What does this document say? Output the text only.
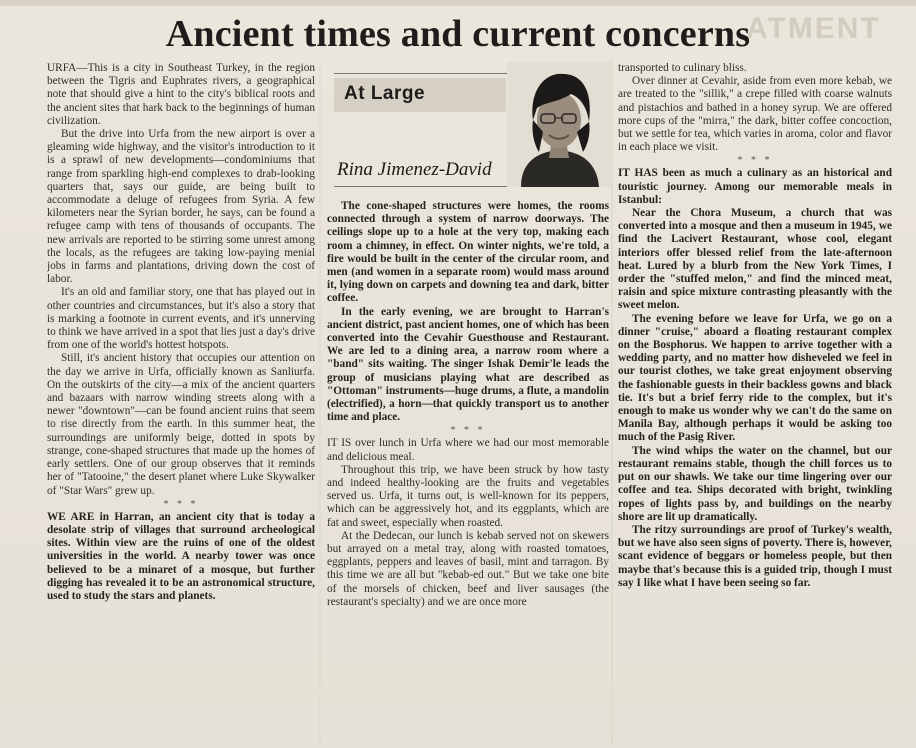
ATMENT
Ancient times and current concerns

URFA—This is a city in Southeast Turkey, in the region between the Tigris and Euphrates rivers, a geographical note that should give a hint to the city's biblical roots and the ancient sites that hark back to the beginnings of human civilization.

But the drive into Urfa from the new airport is over a gleaming wide highway, and the visitor's introduction to it is a sprawl of new developments—condominiums that range from sparkling high-end complexes to drab-looking quarters that, says our guide, are being built to accommodate a deluge of refugees from Syria. A few kilometers near the Syrian border, he says, can be found a refugee camp with tens of thousands of occupants. The new arrivals are reported to be stirring some unrest among the locals, as the refugees are taking low-paying menial jobs in farms and plantations, driving down the cost of labor.

It's an old and familiar story, one that has played out in other countries and circumstances, but it's also a story that is marking a footnote in current events, and it's unnerving to think we have arrived in a spot that lies just a day's drive from one of the world's hottest hotspots.

Still, it's ancient history that occupies our attention on the day we arrive in Urfa, officially known as Sanliurfa. On the outskirts of the city—a mix of the ancient quarters and bazaars with narrow winding streets along with a newer "downtown"—can be found ancient ruins that seem to rise directly from the earth. In this summer heat, the surroundings are uniformly beige, dotted in spots by strange, cone-shaped structures that made up the homes of early settlers. One of our group observes that it reminds her of "Tatooine," the desert planet where Luke Skywalker of "Star Wars" grew up.

* * *

WE ARE in Harran, an ancient city that is today a desolate strip of villages that surround archeological sites. Within view are the ruins of one of the oldest universities in the world. A nearby tower was once believed to be a minaret of a mosque, but further digging has revealed it to be an astronomical structure, used to study the stars and planets.

At Large
Rina Jimenez-David

The cone-shaped structures were homes, the rooms connected through a system of narrow doorways. The ceilings slope up to a hole at the very top, making each room a chimney, in effect. On winter nights, we're told, a fire would be built in the center of the circular room, and men (and women in a separate room) would mass around it, lying down on carpets and downing tea and dark, bitter coffee.

In the early evening, we are brought to Harran's ancient district, past ancient homes, one of which has been converted into the Cevahir Guesthouse and Restaurant. We are led to a dining area, a narrow room where a "band" sits waiting. The singer Ishak Demir'le leads the group of musicians playing what are described as "Ottoman" instruments—huge drums, a flute, a mandolin (electrified), a horn—that quickly transport us to another time and place.

* * *

IT IS over lunch in Urfa where we had our most memorable and delicious meal.

Throughout this trip, we have been struck by how tasty and indeed healthy-looking are the fruits and vegetables served us. Urfa, it turns out, is well-known for its peppers, which can be aggressively hot, and its eggplants, which are fat and sweet, especially when roasted.

At the Dedecan, our lunch is kebab served not on skewers but arrayed on a metal tray, along with roasted tomatoes, eggplants, peppers and leaves of basil, mint and tarragon. By this time we are all but "kebab-ed out." But we take one bite of the morsels of chicken, beef and liver sausages (the restaurant's specialty) and we are once more

transported to culinary bliss.

Over dinner at Cevahir, aside from even more kebab, we are treated to the "sillik," a crepe filled with coarse walnuts and pistachios and bathed in a honey syrup. We are offered more cups of the "mirra," the dark, bitter coffee concoction, but we settle for tea, which varies in aroma, color and flavor in each place we visit.

* * *

IT HAS been as much a culinary as an historical and touristic journey. Among our memorable meals in Istanbul:

Near the Chora Museum, a church that was converted into a mosque and then a museum in 1945, we find the Lacivert Restaurant, whose cool, elegant interiors offer blessed relief from the late-afternoon heat. Lured by a blurb from the New York Times, I order the "stuffed melon," and find the minced meat, raisin and spice mixture contrasting pleasantly with the sweet melon.

The evening before we leave for Urfa, we go on a dinner "cruise," aboard a floating restaurant complex on the Bosphorus. We happen to arrive together with a wedding party, and no matter how disheveled we feel in our tourist clothes, we take great enjoyment observing the fashionable guests in their backless gowns and black tie. It's but a brief ferry ride to the complex, but it's enough to make us wonder why we can't do the same on Manila Bay, although perhaps it would be asking too much of the Pasig River.

The wind whips the water on the channel, but our restaurant remains stable, though the chill forces us to put on our shawls. We take our time lingering over our coffee and tea. Ships decorated with bright, twinkling ropes of lights pass by, and buildings on the nearby shore are lit up dramatically.

The ritzy surroundings are proof of Turkey's wealth, but we have also seen signs of poverty. There is, however, scant evidence of beggars or homeless people, but then maybe that's because this is a guided trip, though I must say I like what I have been seeing so far.
